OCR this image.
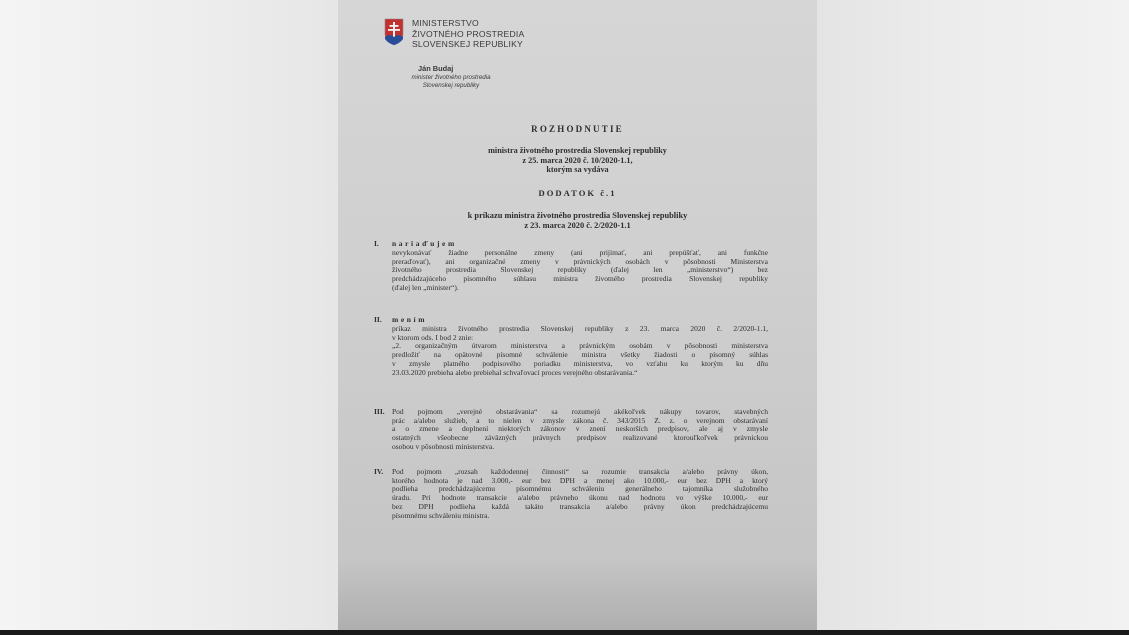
MINISTERSTVO
ŽIVOTNÉHO PROSTREDIA
SLOVENSKEJ REPUBLIKY
Ján Budaj
minister životného prostredia
Slovenskej republiky
ROZHODNUTIE
ministra životného prostredia Slovenskej republiky
z 25. marca 2020 č. 10/2020-1.1,
ktorým sa vydáva
DODATOK č.1
k príkazu ministra životného prostredia Slovenskej republiky
z 23. marca 2020 č. 2/2020-1.1
I. nariaďujem
nevykonávať žiadne personálne zmeny (ani prijímať, ani prepúšťať, ani funkčne
preraďovať), ani organizačné zmeny v právnických osobách v pôsobnosti Ministerstva
životného prostredia Slovenskej republiky (ďalej len „ministerstvo“) bez
predchádzajúceho písomného súhlasu ministra životného prostredia Slovenskej republiky
(ďalej len „minister“).
II. mením
príkaz ministra životného prostredia Slovenskej republiky z 23. marca 2020 č. 2/2020-1.1,
v ktorom ods. I bod 2 znie:
„2. organizačným útvarom ministerstva a právnickým osobám v pôsobnosti ministerstva
predložiť na opätovné písomné schválenie ministra všetky žiadosti o písomný súhlas
v zmysle platného podpisového poriadku ministerstva, vo vzťahu ku ktorým ku dňu
23.03.2020 prebieha alebo prebiehal schvaľovací proces verejného obstarávania.“
III. Pod pojmom „verejné obstarávania“ sa rozumejú akékoľvek nákupy tovarov, stavebných
prác a/alebo služieb, a to nielen v zmysle zákona č. 343/2015 Z. z. o verejnom obstarávaní
a o zmene a doplnení niektorých zákonov v znení neskorších predpisov, ale aj v zmysle
ostatných všeobecne záväzných právnych predpisov realizované ktorouľkoľvek právnickou
osobou v pôsobnosti ministerstva.
IV. Pod pojmom „rozsah každodennej činnosti“ sa rozumie transakcia a/alebo právny úkon,
ktorého hodnota je nad 3.000,- eur bez DPH a menej ako 10.000,- eur bez DPH a ktorý
podlieha predchádzajúcemu písomnému schváleniu generálneho tajomníka služobného
úradu. Pri hodnote transakcie a/alebo právneho úkonu nad hodnotu vo výške 10.000,- eur
bez DPH podlieha každá takáto transakcia a/alebo právny úkon predchádzajúcemu
písomnému schváleniu ministra.
